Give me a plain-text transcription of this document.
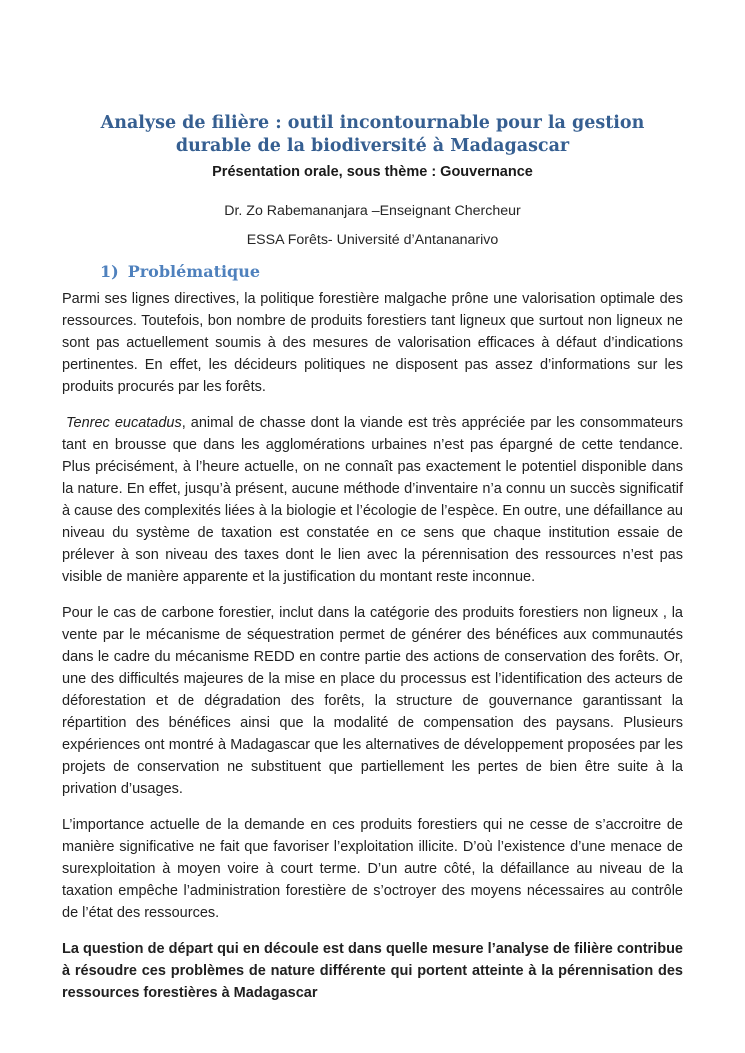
Analyse de filière : outil incontournable pour la gestion durable de la biodiversité à Madagascar

Présentation orale, sous thème : Gouvernance

Dr. Zo Rabemananjara –Enseignant Chercheur

ESSA Forêts- Université d’Antananarivo

1) Problématique

Parmi ses lignes directives, la politique forestière malgache prône une valorisation optimale des ressources. Toutefois, bon nombre de produits forestiers tant ligneux que surtout non ligneux ne sont pas actuellement soumis à des mesures de valorisation efficaces à défaut d’indications pertinentes. En effet, les décideurs politiques ne disposent pas assez d’informations sur les produits procurés par les forêts.

Tenrec eucatadus, animal de chasse dont la viande est très appréciée par les consommateurs tant en brousse que dans les agglomérations urbaines n’est pas épargné de cette tendance. Plus précisément, à l’heure actuelle, on ne connaît pas exactement le potentiel disponible dans la nature. En effet, jusqu’à présent, aucune méthode d’inventaire n’a connu un succès significatif à cause des complexités liées à la biologie et l’écologie de l’espèce. En outre, une défaillance au niveau du système de taxation est constatée en ce sens que chaque institution essaie de prélever à son niveau des taxes dont le lien avec la pérennisation des ressources n’est pas visible de manière apparente et la justification du montant reste inconnue.

Pour le cas de carbone forestier, inclut dans la catégorie des produits forestiers non ligneux , la vente par le mécanisme de séquestration permet de générer des bénéfices aux communautés dans le cadre du mécanisme REDD en contre partie des actions de conservation des forêts. Or, une des difficultés majeures de la mise en place du processus est l’identification des acteurs de déforestation et de dégradation des forêts, la structure de gouvernance garantissant la répartition des bénéfices ainsi que la modalité de compensation des paysans. Plusieurs expériences ont montré à Madagascar que les alternatives de développement proposées par les projets de conservation ne substituent que partiellement les pertes de bien être suite à la privation d’usages.

L’importance actuelle de la demande en ces produits forestiers qui ne cesse de s’accroitre de manière significative ne fait que favoriser l’exploitation illicite. D’où l’existence d’une menace de surexploitation à moyen voire à court terme. D’un autre côté, la défaillance au niveau de la taxation empêche l’administration forestière de s’octroyer des moyens nécessaires au contrôle de l’état des ressources.

La question de départ qui en découle est dans quelle mesure l’analyse de filière contribue à résoudre ces problèmes de nature différente qui portent atteinte à la pérennisation des ressources forestières à Madagascar
